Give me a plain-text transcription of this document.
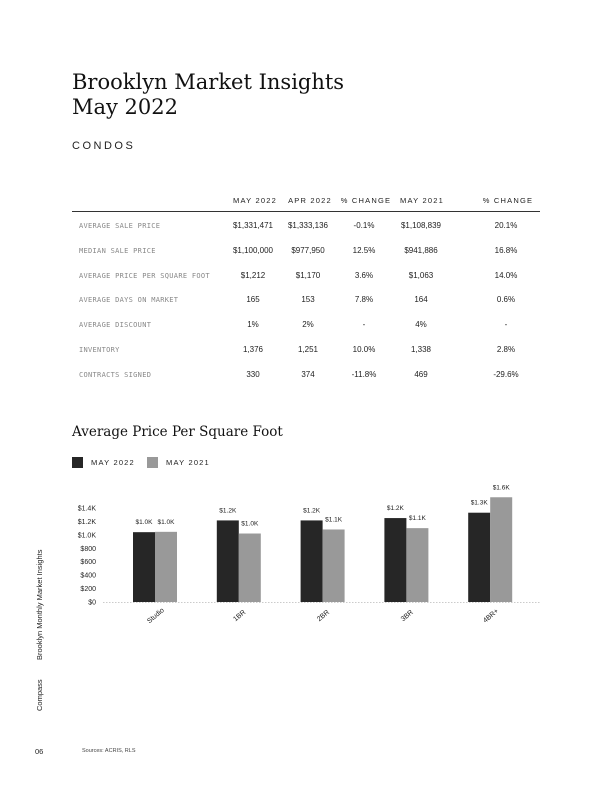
Brooklyn Market Insights
May 2022
CONDOS
MAY 2022	APR 2022	% CHANGE	MAY 2021	% CHANGE
AVERAGE SALE PRICE	$1,331,471	$1,333,136	-0.1%	$1,108,839	20.1%
MEDIAN SALE PRICE	$1,100,000	$977,950	12.5%	$941,886	16.8%
AVERAGE PRICE PER SQUARE FOOT	$1,212	$1,170	3.6%	$1,063	14.0%
AVERAGE DAYS ON MARKET	165	153	7.8%	164	0.6%
AVERAGE DISCOUNT	1%	2%	-	4%	-
INVENTORY	1,376	1,251	10.0%	1,338	2.8%
CONTRACTS SIGNED	330	374	-11.8%	469	-29.6%
Average Price Per Square Foot
MAY 2022	MAY 2021
$1.4K
$1.2K
$1.0K
$800
$600
$400
$200
$0
$1.0K $1.0K
Studio
$1.2K
$1.0K
1BR
$1.2K
$1.1K
2BR
$1.2K
$1.1K
3BR
$1.3K
$1.6K
4BR+
Brooklyn Monthly Market Insights
Compass
06	Sources: ACRIS, RLS
